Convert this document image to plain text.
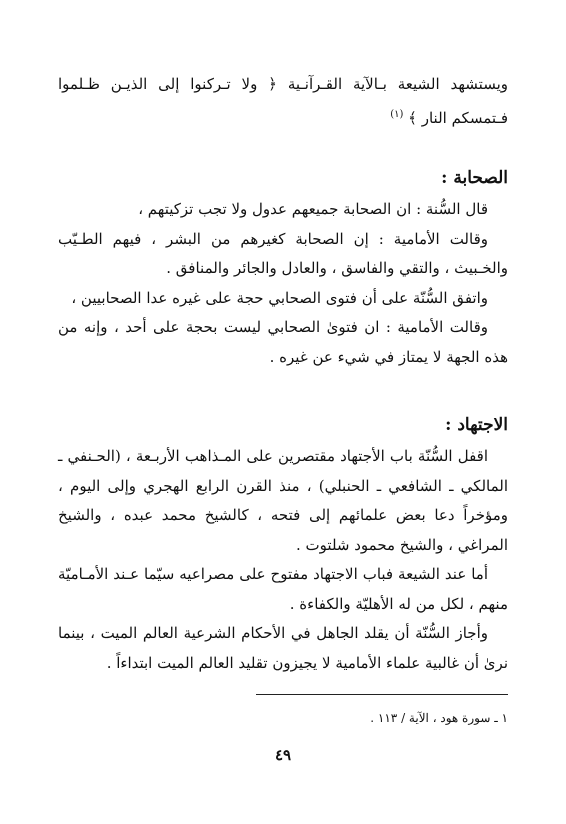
ويستشهد الشيعة بـالآية القـرآنـية ﴿ ولا تـركنوا إلى الذيـن ظـلموا فـتمسكم النار ﴾ $^{(١)}$

الصحابة :

قال السُّنة : ان الصحابة جميعهم عدول ولا تجب تزكيتهم ،

وقالت الأمامية : إن الصحابة كغيرهم من البشر ، فيهم الطـيّب والخـبيث ، والتقي والفاسق ، والعادل والجائر والمنافق .

واتفق السُّنّة على أن فتوى الصحابي حجة على غيره عدا الصحابيين ،

وقالت الأمامية : ان فتوىٰ الصحابي ليست بحجة على أحد ، وإنه من هذه الجهة لا يمتاز في شيء عن غيره .

الاجتهاد :

اقفل السُّنّة باب الأجتهاد مقتصرين على المـذاهب الأربـعة ، (الحـنفي ـ المالكي ـ الشافعي ـ الحنبلي) ، منذ القرن الرابع الهجري وإلى اليوم ، ومؤخراً دعا بعض علمائهم إلى فتحه ، كالشيخ محمد عبده ، والشيخ المراغي ، والشيخ محمود شلتوت .

أما عند الشيعة فباب الاجتهاد مفتوح على مصراعيه سيّما عـند الأمـاميّة منهم ، لكل من له الأهليّة والكفاءة .

وأجاز السُّنّة أن يقلد الجاهل في الأحكام الشرعية العالم الميت ، بينما نرىٰ أن غالبية علماء الأمامية لا يجيزون تقليد العالم الميت ابتداءاً .

١ ـ سورة هود ، الآية / ١١٣ .
٤٩
